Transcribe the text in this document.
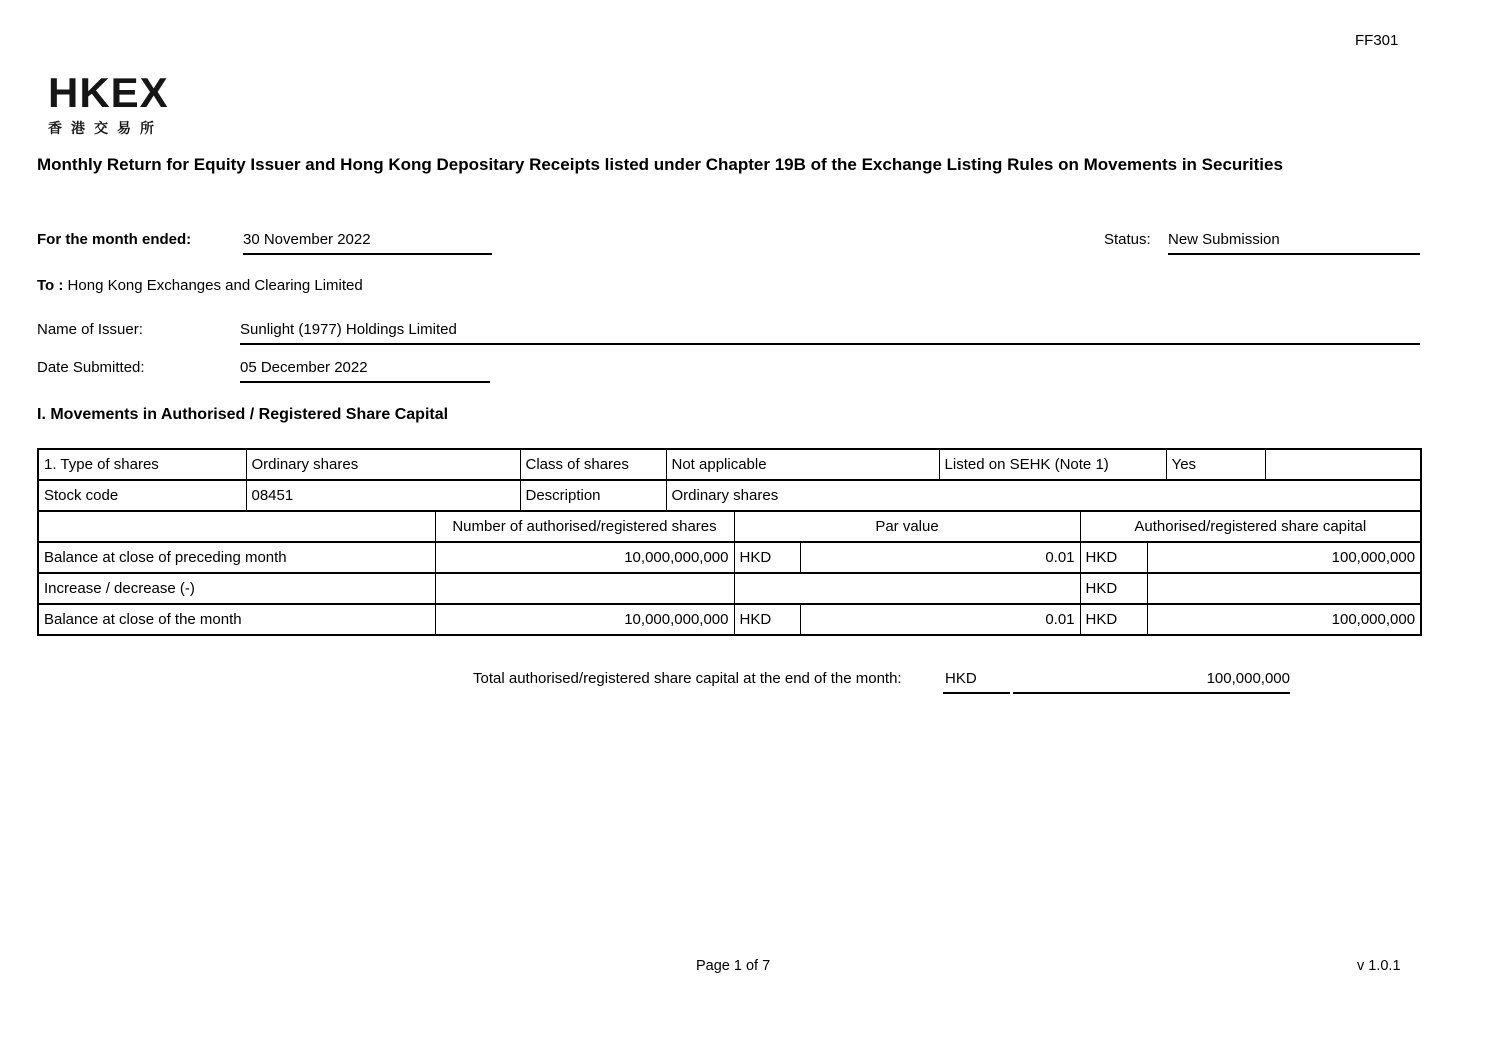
FF301
HKEX
香港交易所
Monthly Return for Equity Issuer and Hong Kong Depositary Receipts listed under Chapter 19B of the Exchange Listing Rules on Movements in Securities
For the month ended:	30 November 2022	Status: New Submission
To : Hong Kong Exchanges and Clearing Limited
Name of Issuer:	Sunlight (1977) Holdings Limited
Date Submitted:	05 December 2022
I. Movements in Authorised / Registered Share Capital
1. Type of shares	Ordinary shares		Class of shares	Not applicable			Listed on SEHK (Note 1)			Yes	
Stock code	08451		Description	Ordinary shares							
		Number of authorised/registered shares			Par value			Authorised/registered share capital			
Balance at close of preceding month		10,000,000,000			HKD	0.01		HKD	100,000,000		
Increase / decrease (-)								HKD			
Balance at close of the month		10,000,000,000			HKD	0.01		HKD	100,000,000		
Total authorised/registered share capital at the end of the month:	HKD	100,000,000
Page 1 of 7	v 1.0.1
